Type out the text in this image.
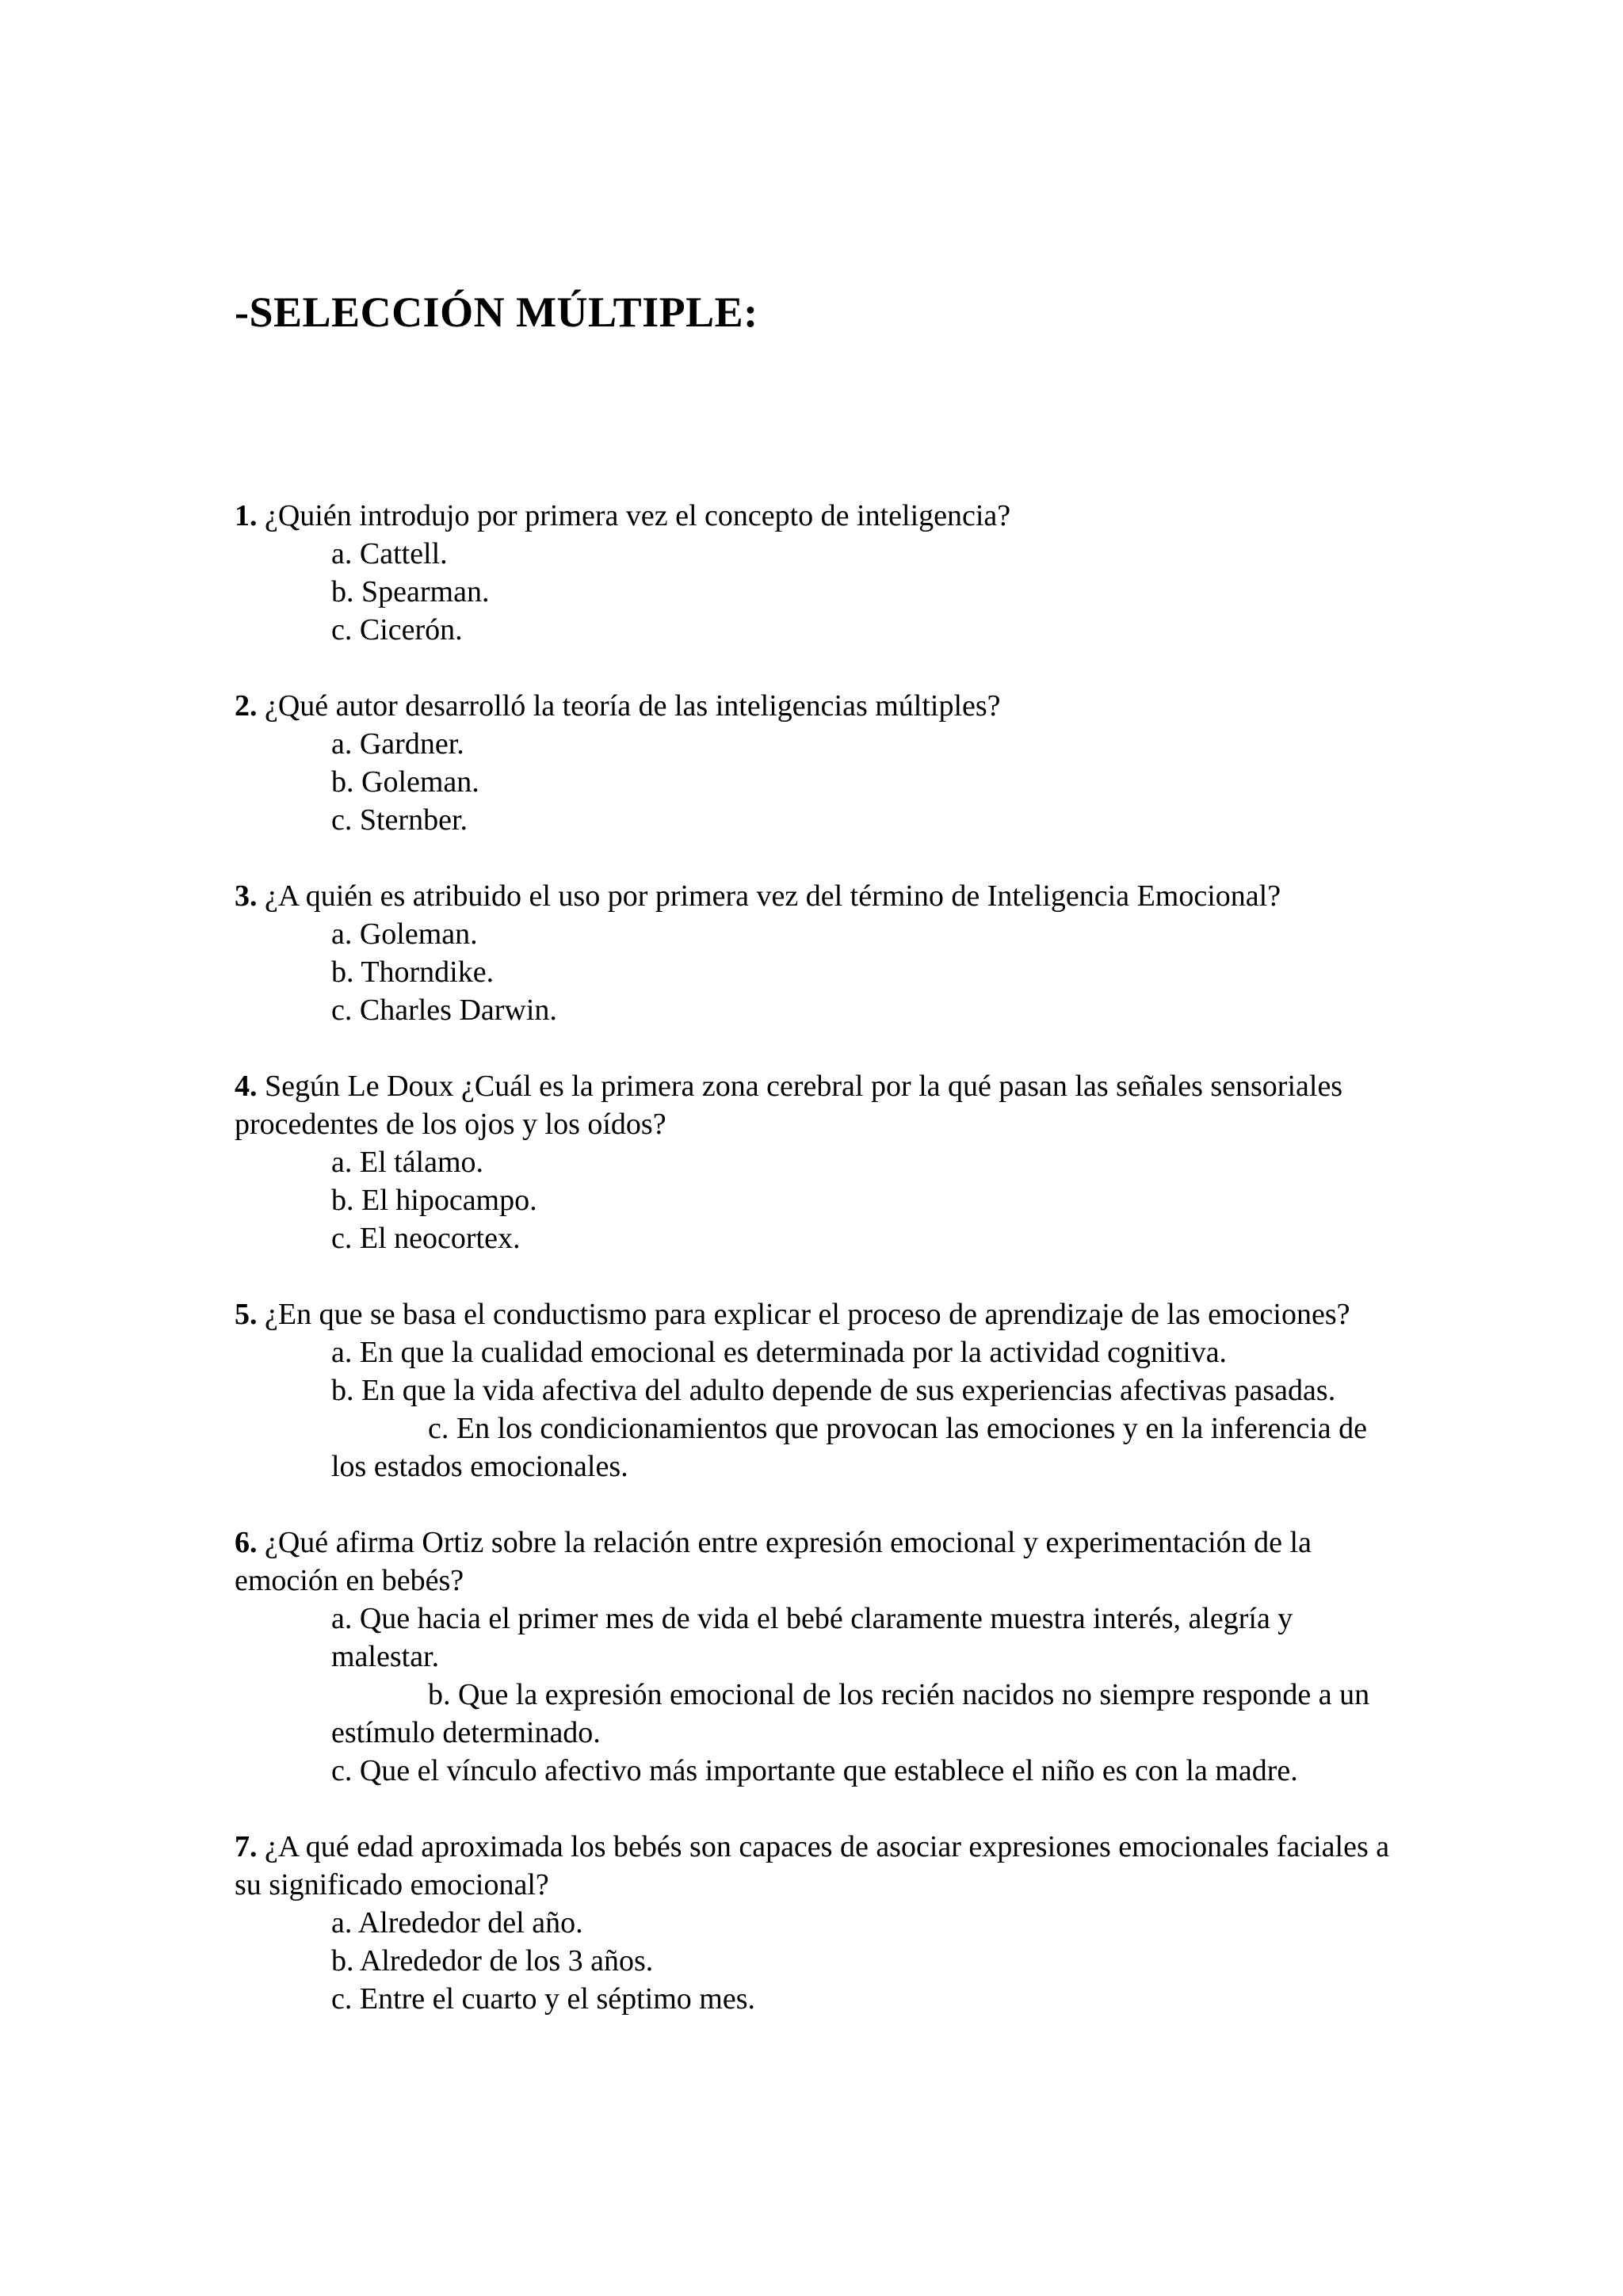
-SELECCIÓN MÚLTIPLE:
1. ¿Quién introdujo por primera vez el concepto de inteligencia?
a. Cattell.
b. Spearman.
c. Cicerón.
2. ¿Qué autor desarrolló la teoría de las inteligencias múltiples?
a. Gardner.
b. Goleman.
c. Sternber.
3. ¿A quién es atribuido el uso por primera vez del término de Inteligencia Emocional?
a. Goleman.
b. Thorndike.
c. Charles Darwin.
4. Según Le Doux ¿Cuál es la primera zona cerebral por la qué pasan las señales sensoriales procedentes de los ojos y los oídos?
a. El tálamo.
b. El hipocampo.
c. El neocortex.
5. ¿En que se basa el conductismo para explicar el proceso de aprendizaje de las emociones?
a. En que la cualidad emocional es determinada por la actividad cognitiva.
b. En que la vida afectiva del adulto depende de sus experiencias afectivas pasadas.
c. En los condicionamientos que provocan las emociones y en la inferencia de los estados emocionales.
6. ¿Qué afirma Ortiz sobre la relación entre expresión emocional y experimentación de la emoción en bebés?
a. Que hacia el primer mes de vida el bebé claramente muestra interés, alegría y malestar.
b. Que la expresión emocional de los recién nacidos no siempre responde a un estímulo determinado.
c. Que el vínculo afectivo más importante que establece el niño es con la madre.
7. ¿A qué edad aproximada los bebés son capaces de asociar expresiones emocionales faciales a su significado emocional?
a. Alrededor del año.
b. Alrededor de los 3 años.
c. Entre el cuarto y el séptimo mes.
